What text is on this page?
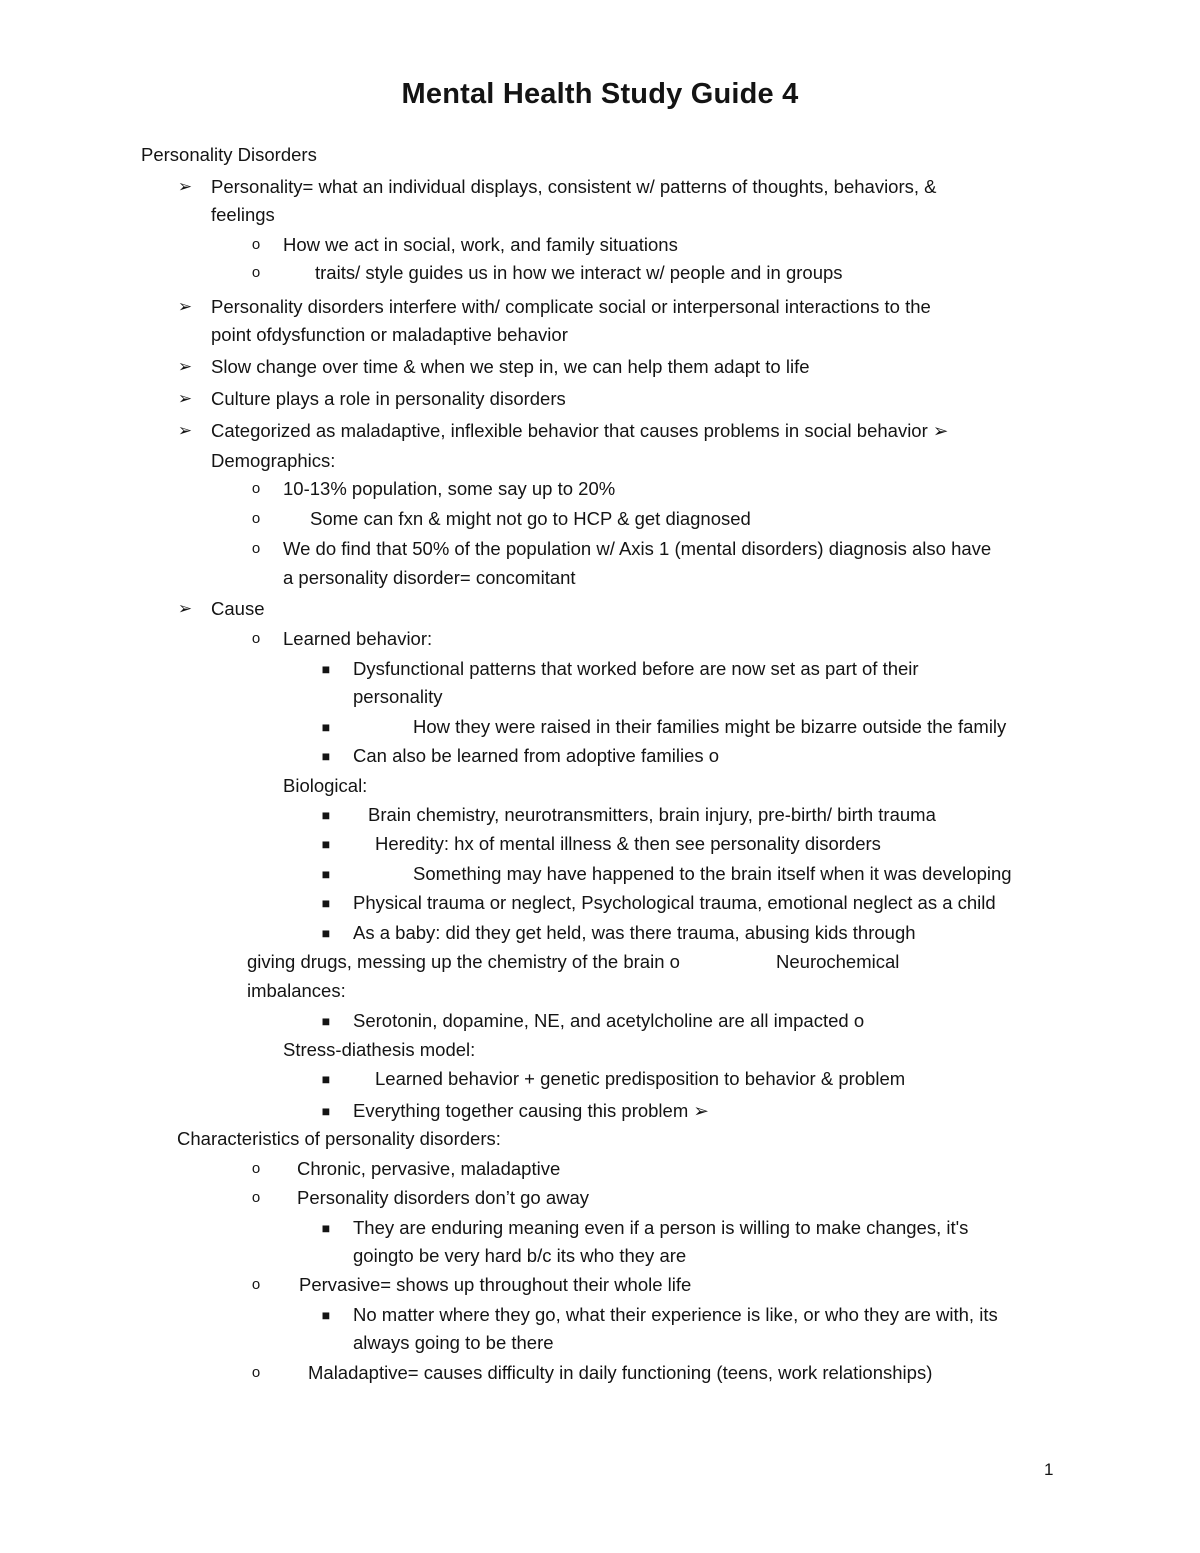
Mental Health Study Guide 4
Personality Disorders
➢ Personality= what an individual displays, consistent w/ patterns of thoughts, behaviors, &
feelings
o	How we act in social, work, and family situations
o	traits/ style guides us in how we interact w/ people and in groups
➢ Personality disorders interfere with/ complicate social or interpersonal interactions to the
point ofdysfunction or maladaptive behavior
➢ Slow change over time & when we step in, we can help them adapt to life
➢ Culture plays a role in personality disorders
➢ Categorized as maladaptive, inflexible behavior that causes problems in social behavior ➢
Demographics:
o	10-13% population, some say up to 20%
o	Some can fxn & might not go to HCP & get diagnosed
o	We do find that 50% of the population w/ Axis 1 (mental disorders) diagnosis also have
a personality disorder= concomitant
➢ Cause
o	Learned behavior:
■	Dysfunctional patterns that worked before are now set as part of their
personality
■	How they were raised in their families might be bizarre outside the family
■	Can also be learned from adoptive families o
Biological:
■	Brain chemistry, neurotransmitters, brain injury, pre-birth/ birth trauma
■	Heredity: hx of mental illness & then see personality disorders
■	Something may have happened to the brain itself when it was developing
■	Physical trauma or neglect, Psychological trauma, emotional neglect as a child
■	As a baby: did they get held, was there trauma, abusing kids through
giving drugs, messing up the chemistry of the brain o	Neurochemical
imbalances:
■	Serotonin, dopamine, NE, and acetylcholine are all impacted o
Stress-diathesis model:
■	Learned behavior + genetic predisposition to behavior & problem
■	Everything together causing this problem ➢
Characteristics of personality disorders:
o	Chronic, pervasive, maladaptive
o	Personality disorders don’t go away
■	They are enduring meaning even if a person is willing to make changes, it's
goingto be very hard b/c its who they are
o	Pervasive= shows up throughout their whole life
■	No matter where they go, what their experience is like, or who they are with, its
always going to be there
o	Maladaptive= causes difficulty in daily functioning (teens, work relationships)
1
